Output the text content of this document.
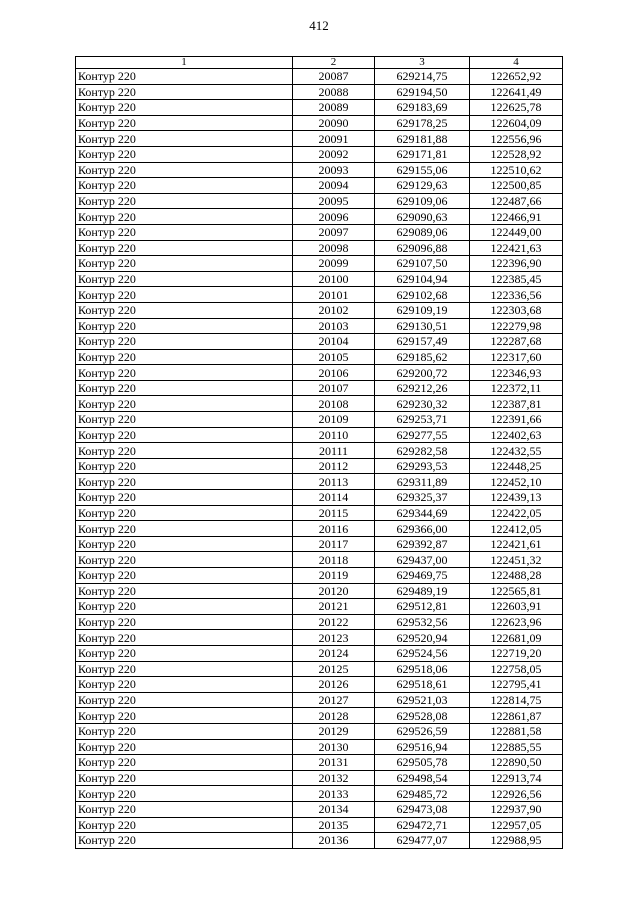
412
1	2	3	4
Контур 220	20087	629214,75	122652,92
Контур 220	20088	629194,50	122641,49
Контур 220	20089	629183,69	122625,78
Контур 220	20090	629178,25	122604,09
Контур 220	20091	629181,88	122556,96
Контур 220	20092	629171,81	122528,92
Контур 220	20093	629155,06	122510,62
Контур 220	20094	629129,63	122500,85
Контур 220	20095	629109,06	122487,66
Контур 220	20096	629090,63	122466,91
Контур 220	20097	629089,06	122449,00
Контур 220	20098	629096,88	122421,63
Контур 220	20099	629107,50	122396,90
Контур 220	20100	629104,94	122385,45
Контур 220	20101	629102,68	122336,56
Контур 220	20102	629109,19	122303,68
Контур 220	20103	629130,51	122279,98
Контур 220	20104	629157,49	122287,68
Контур 220	20105	629185,62	122317,60
Контур 220	20106	629200,72	122346,93
Контур 220	20107	629212,26	122372,11
Контур 220	20108	629230,32	122387,81
Контур 220	20109	629253,71	122391,66
Контур 220	20110	629277,55	122402,63
Контур 220	20111	629282,58	122432,55
Контур 220	20112	629293,53	122448,25
Контур 220	20113	629311,89	122452,10
Контур 220	20114	629325,37	122439,13
Контур 220	20115	629344,69	122422,05
Контур 220	20116	629366,00	122412,05
Контур 220	20117	629392,87	122421,61
Контур 220	20118	629437,00	122451,32
Контур 220	20119	629469,75	122488,28
Контур 220	20120	629489,19	122565,81
Контур 220	20121	629512,81	122603,91
Контур 220	20122	629532,56	122623,96
Контур 220	20123	629520,94	122681,09
Контур 220	20124	629524,56	122719,20
Контур 220	20125	629518,06	122758,05
Контур 220	20126	629518,61	122795,41
Контур 220	20127	629521,03	122814,75
Контур 220	20128	629528,08	122861,87
Контур 220	20129	629526,59	122881,58
Контур 220	20130	629516,94	122885,55
Контур 220	20131	629505,78	122890,50
Контур 220	20132	629498,54	122913,74
Контур 220	20133	629485,72	122926,56
Контур 220	20134	629473,08	122937,90
Контур 220	20135	629472,71	122957,05
Контур 220	20136	629477,07	122988,95
